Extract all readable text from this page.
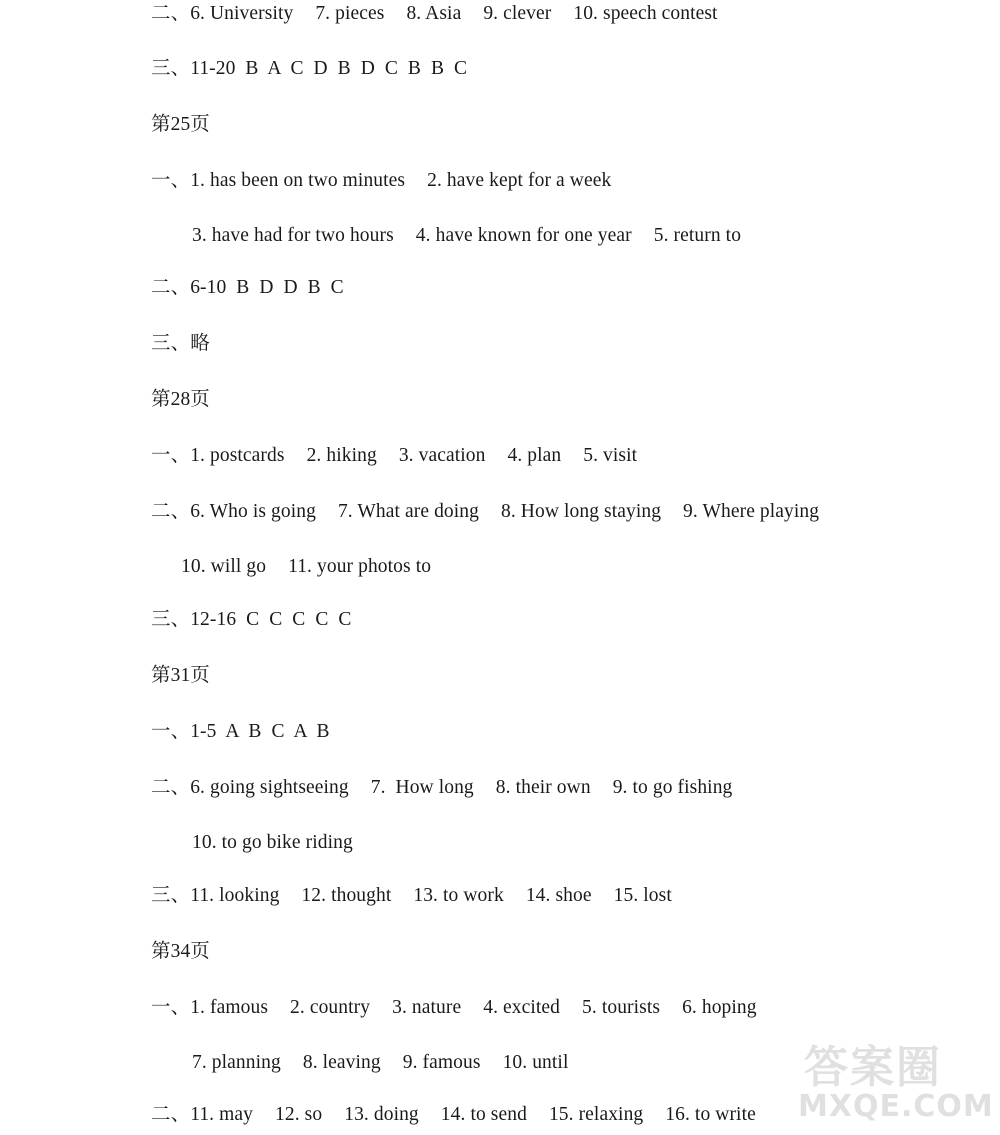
二、6. University 7. pieces 8. Asia 9. clever 10. speech contest
三、11-20  B  A  C  D  B  D  C  B  B  C
第25页
一、1. has been on two minutes 2. have kept for a week
3. have had for two hours 4. have known for one year 5. return to
二、6-10  B  D  D  B  C
三、略
第28页
一、1. postcards 2. hiking 3. vacation 4. plan 5. visit
二、6. Who is going 7. What are doing 8. How long staying 9. Where playing
10. will go 11. your photos to
三、12-16  C  C  C  C  C
第31页
一、1-5  A  B  C  A  B
二、6. going sightseeing 7.  How long 8. their own 9. to go fishing
10. to go bike riding
三、11. looking 12. thought 13. to work 14. shoe 15. lost
第34页
一、1. famous 2. country 3. nature 4. excited 5. tourists 6. hoping
7. planning 8. leaving 9. famous 10. until
二、11. may 12. so 13. doing 14. to send 15. relaxing 16. to write
答案圈
MXQE.COM
